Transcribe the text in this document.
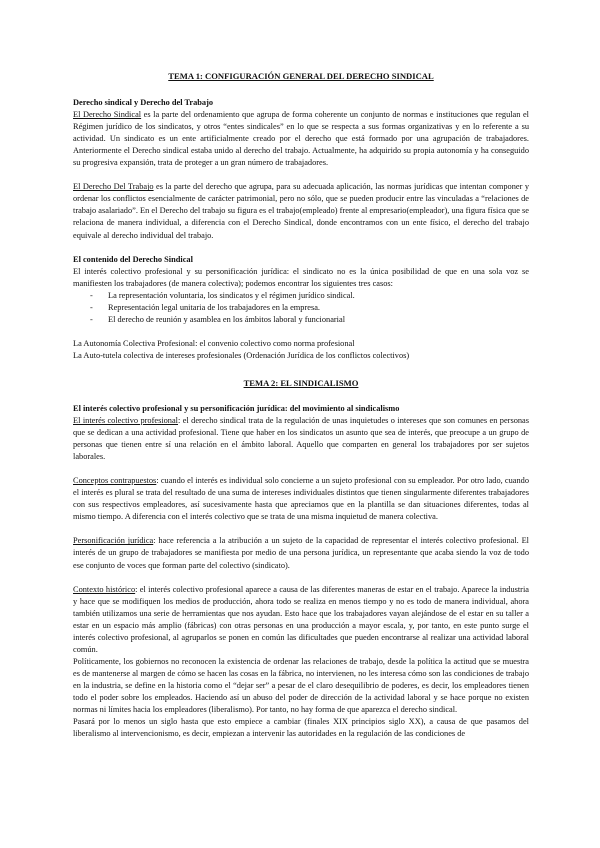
TEMA 1: CONFIGURACIÓN GENERAL DEL DERECHO SINDICAL

Derecho sindical y Derecho del Trabajo

El Derecho Sindical es la parte del ordenamiento que agrupa de forma coherente un conjunto de normas e instituciones que regulan el Régimen jurídico de los sindicatos, y otros “entes sindicales” en lo que se respecta a sus formas organizativas y en lo referente a su actividad. Un sindicato es un ente artificialmente creado por el derecho que está formado por una agrupación de trabajadores. Anteriormente el Derecho sindical estaba unido al derecho del trabajo. Actualmente, ha adquirido su propia autonomía y ha conseguido su progresiva expansión, trata de proteger a un gran número de trabajadores.

El Derecho Del Trabajo es la parte del derecho que agrupa, para su adecuada aplicación, las normas jurídicas que intentan componer y ordenar los conflictos esencialmente de carácter patrimonial, pero no sólo, que se pueden producir entre las vinculadas a “relaciones de trabajo asalariado”. En el Derecho del trabajo su figura es el trabajo(empleado) frente al empresario(empleador), una figura física que se relaciona de manera individual, a diferencia con el Derecho Sindical, donde encontramos con un ente físico, el derecho del trabajo equivale al derecho individual del trabajo.

El contenido del Derecho Sindical

El interés colectivo profesional y su personificación jurídica: el sindicato no es la única posibilidad de que en una sola voz se manifiesten los trabajadores (de manera colectiva); podemos encontrar los siguientes tres casos:

- La representación voluntaria, los sindicatos y el régimen jurídico sindical.
- Representación legal unitaria de los trabajadores en la empresa.
- El derecho de reunión y asamblea en los ámbitos laboral y funcionarial

La Autonomía Colectiva Profesional: el convenio colectivo como norma profesional

La Auto-tutela colectiva de intereses profesionales (Ordenación Jurídica de los conflictos colectivos)

TEMA 2: EL SINDICALISMO

El interés colectivo profesional y su personificación jurídica: del movimiento al sindicalismo

El interés colectivo profesional: el derecho sindical trata de la regulación de unas inquietudes o intereses que son comunes en personas que se dedican a una actividad profesional. Tiene que haber en los sindicatos un asunto que sea de interés, que preocupe a un grupo de personas que tienen entre sí una relación en el ámbito laboral. Aquello que comparten en general los trabajadores por ser sujetos laborales.

Conceptos contrapuestos: cuando el interés es individual solo concierne a un sujeto profesional con su empleador. Por otro lado, cuando el interés es plural se trata del resultado de una suma de intereses individuales distintos que tienen singularmente diferentes trabajadores con sus respectivos empleadores, así sucesivamente hasta que apreciamos que en la plantilla se dan situaciones diferentes, todas al mismo tiempo. A diferencia con el interés colectivo que se trata de una misma inquietud de manera colectiva.

Personificación jurídica: hace referencia a la atribución a un sujeto de la capacidad de representar el interés colectivo profesional. El interés de un grupo de trabajadores se manifiesta por medio de una persona jurídica, un representante que acaba siendo la voz de todo ese conjunto de voces que forman parte del colectivo (sindicato).

Contexto histórico: el interés colectivo profesional aparece a causa de las diferentes maneras de estar en el trabajo. Aparece la industria y hace que se modifiquen los medios de producción, ahora todo se realiza en menos tiempo y no es todo de manera individual, ahora también utilizamos una serie de herramientas que nos ayudan. Esto hace que los trabajadores vayan alejándose de el estar en su taller a estar en un espacio más amplio (fábricas) con otras personas en una producción a mayor escala, y, por tanto, en este punto surge el interés colectivo profesional, al agruparlos se ponen en común las dificultades que pueden encontrarse al realizar una actividad laboral común.

Políticamente, los gobiernos no reconocen la existencia de ordenar las relaciones de trabajo, desde la política la actitud que se muestra es de mantenerse al margen de cómo se hacen las cosas en la fábrica, no intervienen, no les interesa cómo son las condiciones de trabajo en la industria, se define en la historia como el “dejar ser” a pesar de el claro desequilibrio de poderes, es decir, los empleadores tienen todo el poder sobre los empleados. Haciendo así un abuso del poder de dirección de la actividad laboral y se hace porque no existen normas ni límites hacia los empleadores (liberalismo). Por tanto, no hay forma de que aparezca el derecho sindical.

Pasará por lo menos un siglo hasta que esto empiece a cambiar (finales XIX principios siglo XX), a causa de que pasamos del liberalismo al intervencionismo, es decir, empiezan a intervenir las autoridades en la regulación de las condiciones de
